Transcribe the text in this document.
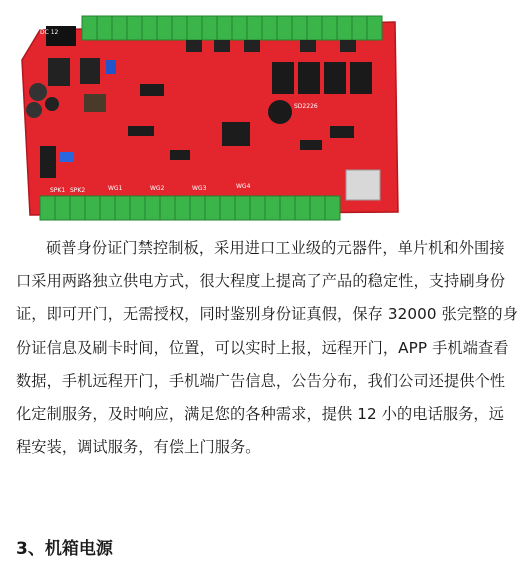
DC 12
SD2226
SPK1 SPK2	WG1	WG2	WG3	WG4

硕普身份证门禁控制板，采用进口工业级的元器件，单片机和外围接口采用两路独立供电方式，很大程度上提高了产品的稳定性，支持刷身份证，即可开门，无需授权，同时鉴别身份证真假，保存 32000 张完整的身份证信息及刷卡时间，位置，可以实时上报，远程开门，APP 手机端查看数据，手机远程开门，手机端广告信息，公告分布，我们公司还提供个性化定制服务，及时响应，满足您的各种需求，提供 12 小的电话服务，远程安装，调试服务，有偿上门服务。

3、机箱电源
